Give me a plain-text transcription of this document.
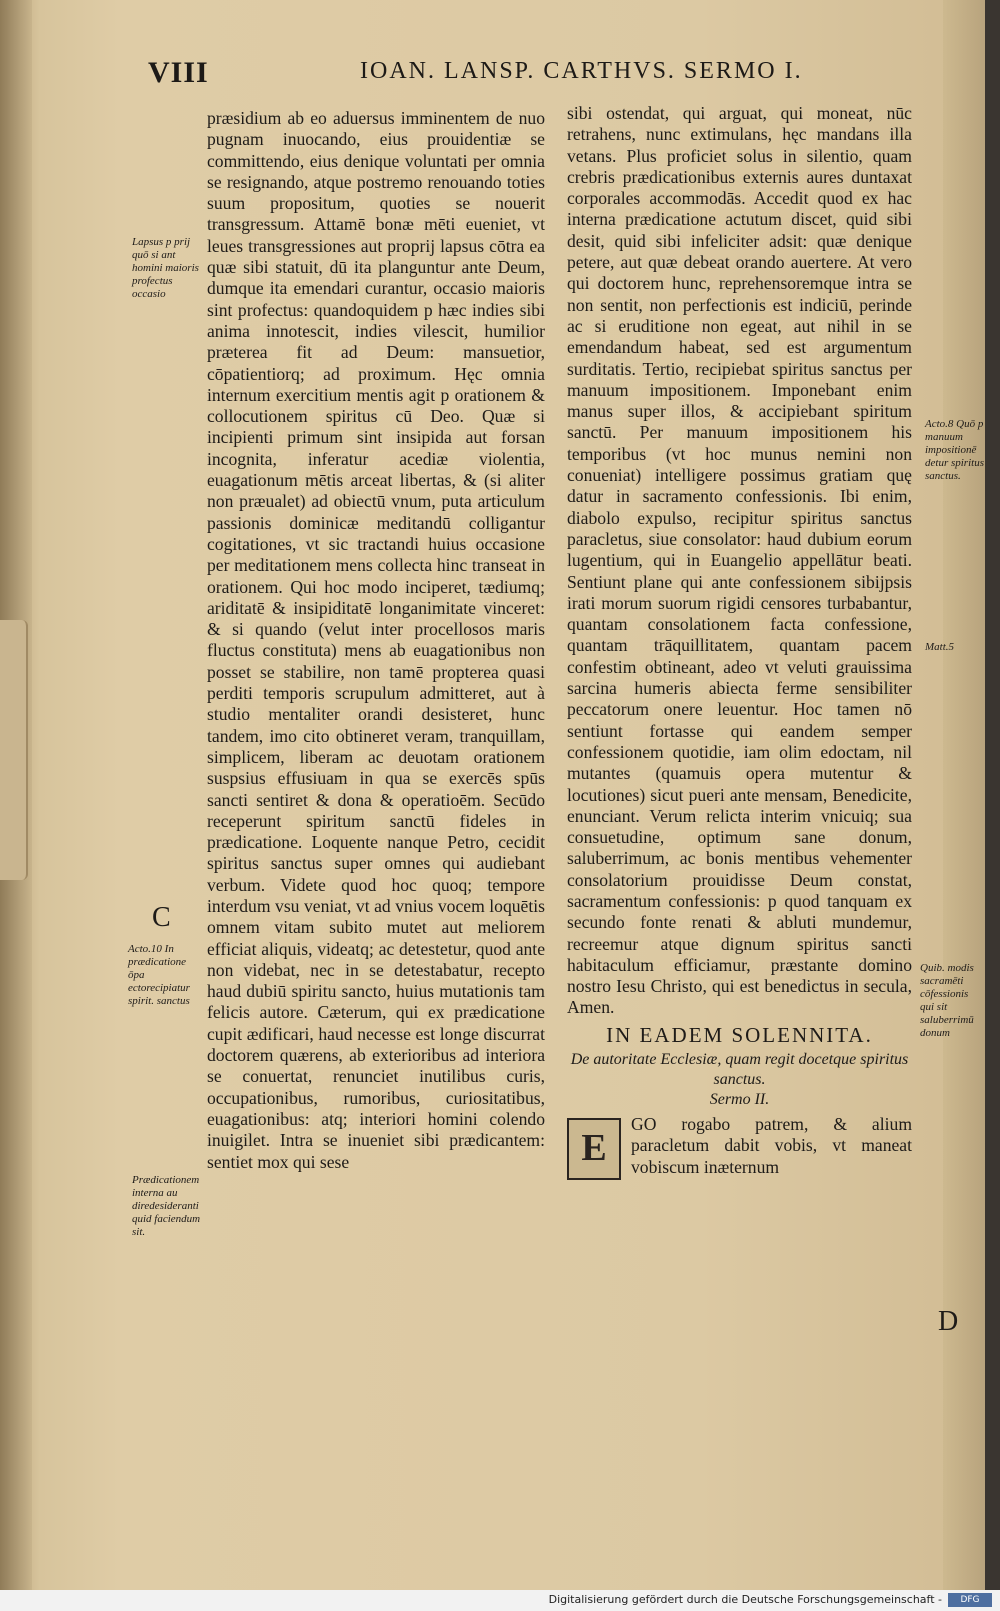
VIII	IOAN. LANSP. CARTHVS. SERMO I.
Lapsus p prij quō si ant homini maioris profectus occasio
C
Acto.10 In prædicatione ōpa ectorecipiatur spirit. sanctus
Prædicationem interna au diredesideranti quid faciendum sit.
Acto.8 Quō p manuum impositionē detur spiritus sanctus.
Matt.5
Quib. modis sacramēti cōfessionis qui sit saluberrimū donum
D

præsidium ab eo aduersus imminentem de nuo pugnam inuocando, eius prouidentiæ se committendo, eius denique voluntati per omnia se resignando, atque postremo renouando toties suum propositum, quoties se nouerit transgressum. Attamē bonæ mēti eueniet, vt leues transgressiones aut proprij lapsus cōtra ea quæ sibi statuit, dū ita planguntur ante Deum, dumque ita emendari curantur, occasio maioris sint profectus: quandoquidem p hæc indies sibi anima innotescit, indies vilescit, humilior præterea fit ad Deum: mansuetior, cōpatientiorq; ad proximum. Hęc omnia internum exercitium mentis agit p orationem & collocutionem spiritus cū Deo. Quæ si incipienti primum sint insipida aut forsan incognita, inferatur acediæ violentia, euagationum mētis arceat libertas, & (si aliter non præualet) ad obiectū vnum, puta articulum passionis dominicæ meditandū colligantur cogitationes, vt sic tractandi huius occasione per meditationem mens collecta hinc transeat in orationem. Qui hoc modo inciperet, tædiumq; ariditatē & insipiditatē longanimitate vinceret: & si quando (velut inter procellosos maris fluctus constituta) mens ab euagationibus non posset se stabilire, non tamē propterea quasi perditi temporis scrupulum admitteret, aut à studio mentaliter orandi desisteret, hunc tandem, imo cito obtineret veram, tranquillam, simplicem, liberam ac deuotam orationem suspsius effusiuam in qua se exercēs spūs sancti sentiret & dona & operatioēm. Secūdo receperunt spiritum sanctū fideles in prædicatione. Loquente nanque Petro, cecidit spiritus sanctus super omnes qui audiebant verbum. Videte quod hoc quoq; tempore interdum vsu veniat, vt ad vnius vocem loquētis omnem vitam subito mutet aut meliorem efficiat aliquis, videatq; ac detestetur, quod ante non videbat, nec in se detestabatur, recepto haud dubiū spiritu sancto, huius mutationis tam felicis autore. Cæterum, qui ex prædicatione cupit ædificari, haud necesse est longe discurrat doctorem quærens, ab exterioribus ad interiora se conuertat, renunciet inutilibus curis, occupationibus, rumoribus, curiositatibus, euagationibus: atq; interiori homini colendo inuigilet. Intra se inueniet sibi prædicantem: sentiet mox qui sese

sibi ostendat, qui arguat, qui moneat, nūc retrahens, nunc extimulans, hęc mandans illa vetans. Plus proficiet solus in silentio, quam crebris prædicationibus externis aures duntaxat corporales accommodās. Accedit quod ex hac interna prædicatione actutum discet, quid sibi desit, quid sibi infeliciter adsit: quæ denique petere, aut quæ debeat orando auertere. At vero qui doctorem hunc, reprehensoremque intra se non sentit, non perfectionis est indiciū, perinde ac si eruditione non egeat, aut nihil in se emendandum habeat, sed est argumentum surditatis. Tertio, recipiebat spiritus sanctus per manuum impositionem. Imponebant enim manus super illos, & accipiebant spiritum sanctū. Per manuum impositionem his temporibus (vt hoc munus nemini non conueniat) intelligere possimus gratiam quę datur in sacramento confessionis. Ibi enim, diabolo expulso, recipitur spiritus sanctus paracletus, siue consolator: haud dubium eorum lugentium, qui in Euangelio appellātur beati. Sentiunt plane qui ante confessionem sibijpsis irati morum suorum rigidi censores turbabantur, quantam consolationem facta confessione, quantam trāquillitatem, quantam pacem confestim obtineant, adeo vt veluti grauissima sarcina humeris abiecta ferme sensibiliter peccatorum onere leuentur. Hoc tamen nō sentiunt fortasse qui eandem semper confessionem quotidie, iam olim edoctam, nil mutantes (quamuis opera mutentur & locutiones) sicut pueri ante mensam, Benedicite, enunciant. Verum relicta interim vnicuiq; sua consuetudine, optimum sane donum, saluberrimum, ac bonis mentibus vehementer consolatorium prouidisse Deum constat, sacramentum confessionis: p quod tanquam ex secundo fonte renati & abluti mundemur, recreemur atque dignum spiritus sancti habitaculum efficiamur, præstante domino nostro Iesu Christo, qui est benedictus in secula, Amen.

IN EADEM SOLENNITA.
De autoritate Ecclesiæ, quam regit docetque spiritus sanctus.
Sermo II.

E
GO rogabo patrem, & alium paracletum dabit vobis, vt maneat vobiscum inæternum

Digitalisierung gefördert durch die Deutsche Forschungsgemeinschaft -	DFG
